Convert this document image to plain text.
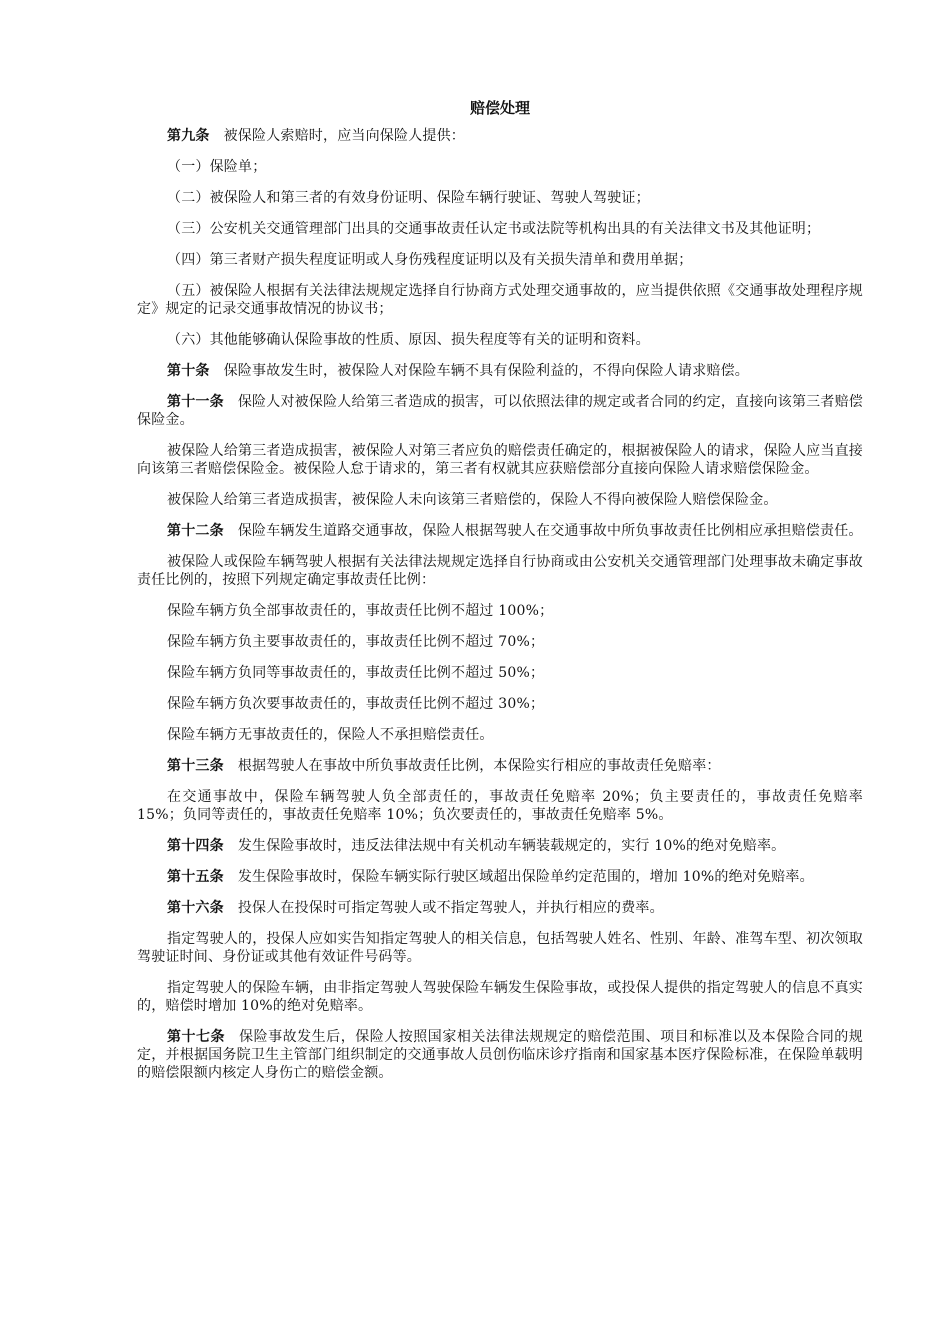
赔偿处理

第九条 被保险人索赔时，应当向保险人提供：

（一）保险单；

（二）被保险人和第三者的有效身份证明、保险车辆行驶证、驾驶人驾驶证；

（三）公安机关交通管理部门出具的交通事故责任认定书或法院等机构出具的有关法律文书及其他证明；

（四）第三者财产损失程度证明或人身伤残程度证明以及有关损失清单和费用单据；

（五）被保险人根据有关法律法规规定选择自行协商方式处理交通事故的，应当提供依照《交通事故处理程序规定》规定的记录交通事故情况的协议书；

（六）其他能够确认保险事故的性质、原因、损失程度等有关的证明和资料。

第十条 保险事故发生时，被保险人对保险车辆不具有保险利益的，不得向保险人请求赔偿。

第十一条 保险人对被保险人给第三者造成的损害，可以依照法律的规定或者合同的约定，直接向该第三者赔偿保险金。

被保险人给第三者造成损害，被保险人对第三者应负的赔偿责任确定的，根据被保险人的请求，保险人应当直接向该第三者赔偿保险金。被保险人怠于请求的，第三者有权就其应获赔偿部分直接向保险人请求赔偿保险金。

被保险人给第三者造成损害，被保险人未向该第三者赔偿的，保险人不得向被保险人赔偿保险金。

第十二条 保险车辆发生道路交通事故，保险人根据驾驶人在交通事故中所负事故责任比例相应承担赔偿责任。

被保险人或保险车辆驾驶人根据有关法律法规规定选择自行协商或由公安机关交通管理部门处理事故未确定事故责任比例的，按照下列规定确定事故责任比例：

保险车辆方负全部事故责任的，事故责任比例不超过 100%；

保险车辆方负主要事故责任的，事故责任比例不超过 70%；

保险车辆方负同等事故责任的，事故责任比例不超过 50%；

保险车辆方负次要事故责任的，事故责任比例不超过 30%；

保险车辆方无事故责任的，保险人不承担赔偿责任。

第十三条 根据驾驶人在事故中所负事故责任比例，本保险实行相应的事故责任免赔率：

在交通事故中，保险车辆驾驶人负全部责任的，事故责任免赔率 20%；负主要责任的，事故责任免赔率 15%；负同等责任的，事故责任免赔率 10%；负次要责任的，事故责任免赔率 5%。

第十四条 发生保险事故时，违反法律法规中有关机动车辆装载规定的，实行 10%的绝对免赔率。

第十五条 发生保险事故时，保险车辆实际行驶区域超出保险单约定范围的，增加 10%的绝对免赔率。

第十六条 投保人在投保时可指定驾驶人或不指定驾驶人，并执行相应的费率。

指定驾驶人的，投保人应如实告知指定驾驶人的相关信息，包括驾驶人姓名、性别、年龄、准驾车型、初次领取驾驶证时间、身份证或其他有效证件号码等。

指定驾驶人的保险车辆，由非指定驾驶人驾驶保险车辆发生保险事故，或投保人提供的指定驾驶人的信息不真实的，赔偿时增加 10%的绝对免赔率。

第十七条 保险事故发生后，保险人按照国家相关法律法规规定的赔偿范围、项目和标准以及本保险合同的规定，并根据国务院卫生主管部门组织制定的交通事故人员创伤临床诊疗指南和国家基本医疗保险标准，在保险单载明的赔偿限额内核定人身伤亡的赔偿金额。
